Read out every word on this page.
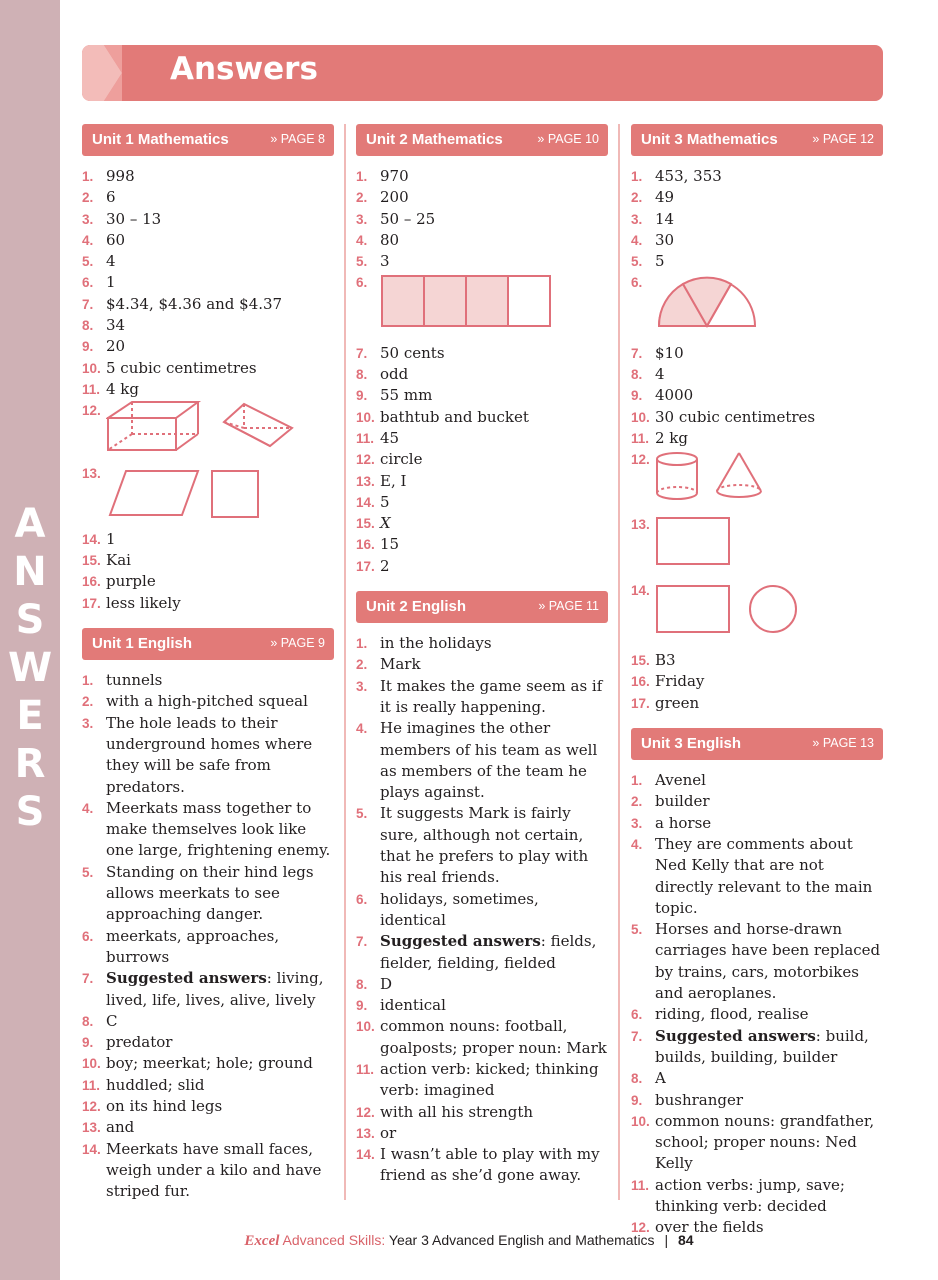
A
N
S
W
E
R
S
Answers
Unit 1 Mathematics	» PAGE 8
1. 998
2. 6
3. 30 – 13
4. 60
5. 4
6. 1
7. $4.34, $4.36 and $4.37
8. 34
9. 20
10. 5 cubic centimetres
11. 4 kg
12.
13.
14. 1
15. Kai
16. purple
17. less likely
Unit 1 English	» PAGE 9
1. tunnels
2. with a high-pitched squeal
3. The hole leads to their underground homes where they will be safe from predators.
4. Meerkats mass together to make themselves look like one large, frightening enemy.
5. Standing on their hind legs allows meerkats to see approaching danger.
6. meerkats, approaches, burrows
7. Suggested answers: living, lived, life, lives, alive, lively
8. C
9. predator
10. boy; meerkat; hole; ground
11. huddled; slid
12. on its hind legs
13. and
14. Meerkats have small faces, weigh under a kilo and have striped fur.
Unit 2 Mathematics	» PAGE 10
1. 970
2. 200
3. 50 – 25
4. 80
5. 3
6.
7. 50 cents
8. odd
9. 55 mm
10. bathtub and bucket
11. 45
12. circle
13. E, I
14. 5
15. X
16. 15
17. 2
Unit 2 English	» PAGE 11
1. in the holidays
2. Mark
3. It makes the game seem as if it is really happening.
4. He imagines the other members of his team as well as members of the team he plays against.
5. It suggests Mark is fairly sure, although not certain, that he prefers to play with his real friends.
6. holidays, sometimes, identical
7. Suggested answers: fields, fielder, fielding, fielded
8. D
9. identical
10. common nouns: football, goalposts; proper noun: Mark
11. action verb: kicked; thinking verb: imagined
12. with all his strength
13. or
14. I wasn’t able to play with my friend as she’d gone away.
Unit 3 Mathematics	» PAGE 12
1. 453, 353
2. 49
3. 14
4. 30
5. 5
6.
7. $10
8. 4
9. 4000
10. 30 cubic centimetres
11. 2 kg
12.
13.
14.
15. B3
16. Friday
17. green
Unit 3 English	» PAGE 13
1. Avenel
2. builder
3. a horse
4. They are comments about Ned Kelly that are not directly relevant to the main topic.
5. Horses and horse-drawn carriages have been replaced by trains, cars, motorbikes and aeroplanes.
6. riding, flood, realise
7. Suggested answers: build, builds, building, builder
8. A
9. bushranger
10. common nouns: grandfather, school; proper nouns: Ned Kelly
11. action verbs: jump, save; thinking verb: decided
12. over the fields
Excel Advanced Skills: Year 3 Advanced English and Mathematics | 84
